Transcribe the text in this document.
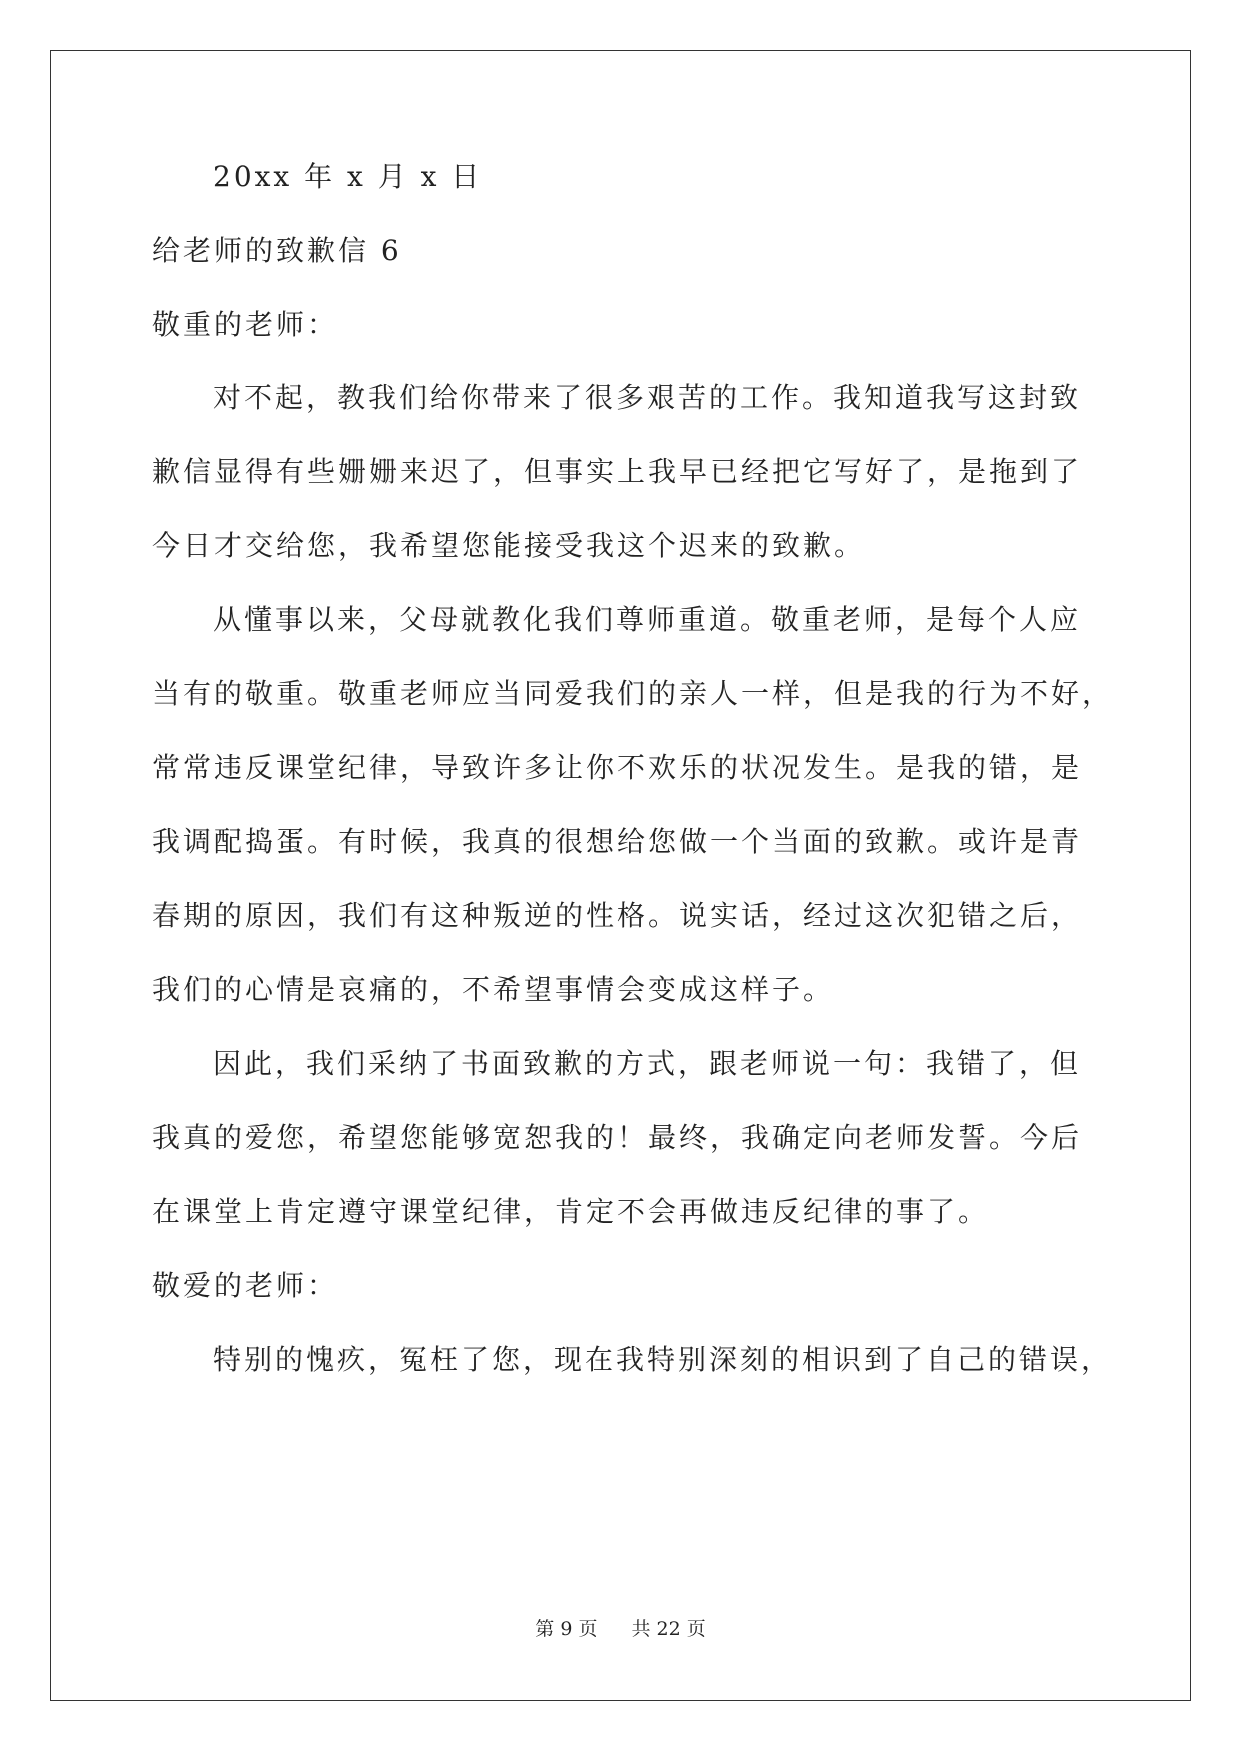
20xx 年 x 月 x 日
给老师的致歉信 6
敬重的老师：
对不起，教我们给你带来了很多艰苦的工作。我知道我写这封致
歉信显得有些姗姗来迟了，但事实上我早已经把它写好了，是拖到了
今日才交给您，我希望您能接受我这个迟来的致歉。
从懂事以来，父母就教化我们尊师重道。敬重老师，是每个人应
当有的敬重。敬重老师应当同爱我们的亲人一样，但是我的行为不好，
常常违反课堂纪律，导致许多让你不欢乐的状况发生。是我的错，是
我调配捣蛋。有时候，我真的很想给您做一个当面的致歉。或许是青
春期的原因，我们有这种叛逆的性格。说实话，经过这次犯错之后，
我们的心情是哀痛的，不希望事情会变成这样子。
因此，我们采纳了书面致歉的方式，跟老师说一句：我错了，但
我真的爱您，希望您能够宽恕我的！最终，我确定向老师发誓。今后
在课堂上肯定遵守课堂纪律，肯定不会再做违反纪律的事了。
敬爱的老师：
特别的愧疚，冤枉了您，现在我特别深刻的相识到了自己的错误，
第 9 页 共 22 页
